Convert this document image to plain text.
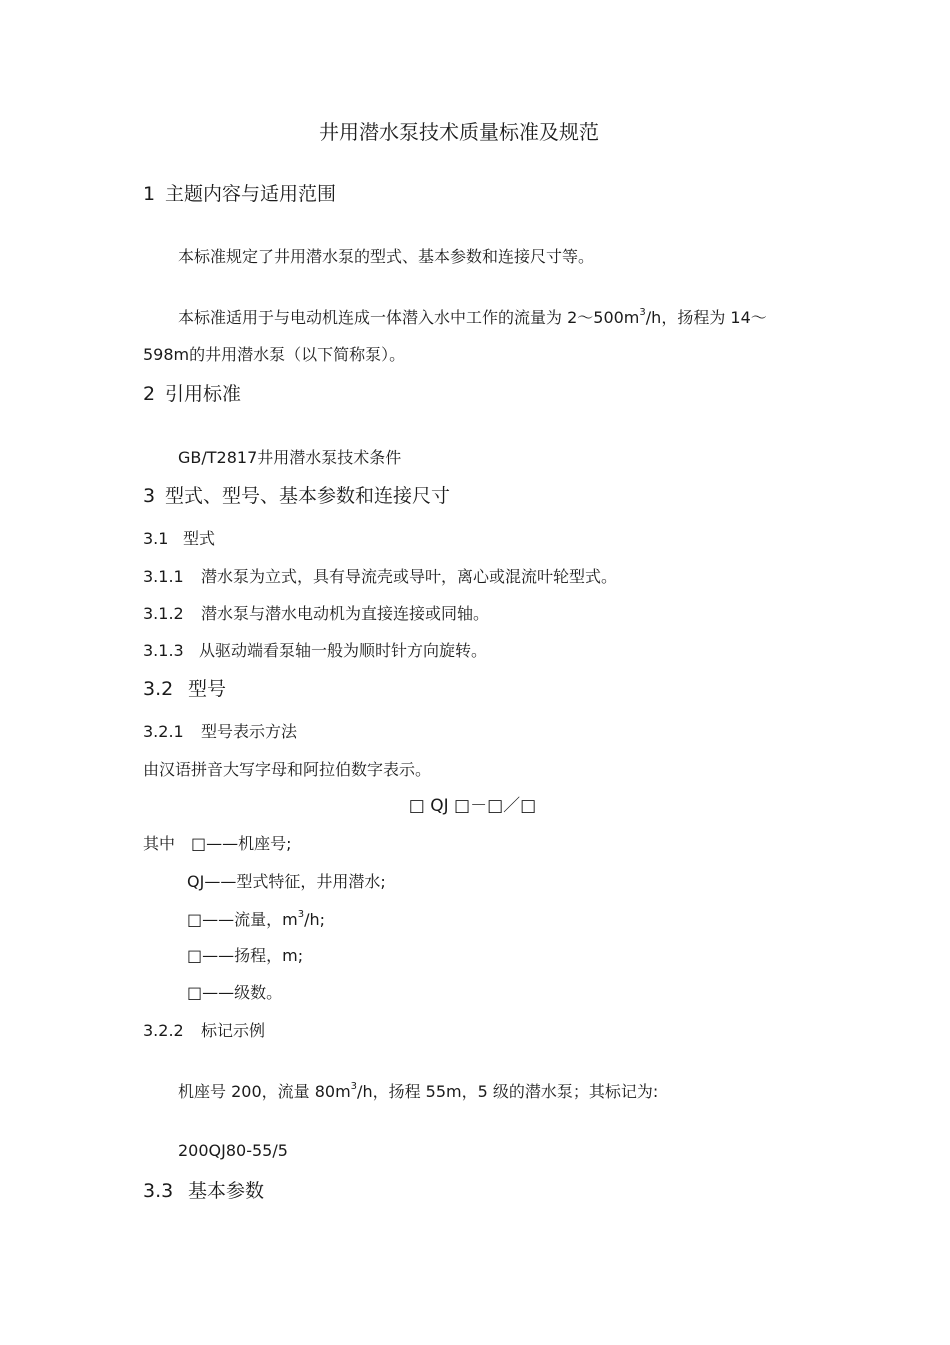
井用潜水泵技术质量标准及规范
1 主题内容与适用范围
本标准规定了井用潜水泵的型式、基本参数和连接尺寸等。
本标准适用于与电动机连成一体潜入水中工作的流量为 $2\sim 500m^3/h$，扬程为 14～
598m的井用潜水泵（以下简称泵）。
2 引用标准
GB/T2817井用潜水泵技术条件
3 型式、型号、基本参数和连接尺寸
3.1 型式
3.1.1 潜水泵为立式，具有导流壳或导叶，离心或混流叶轮型式。
3.1.2 潜水泵与潜水电动机为直接连接或同轴。
3.1.3 从驱动端看泵轴一般为顺时针方向旋转。
3.2 型号
3.2.1 型号表示方法
由汉语拼音大写字母和阿拉伯数字表示。
□ QJ □－□／□
其中 □——机座号;
QJ——型式特征，井用潜水;
□——流量，$m^3/h$;
□——扬程，m;
□——级数。
3.2.2 标记示例
机座号 200，流量 $80m^3/h$，扬程 55m，5 级的潜水泵；其标记为:
200QJ80-55/5
3.3 基本参数
